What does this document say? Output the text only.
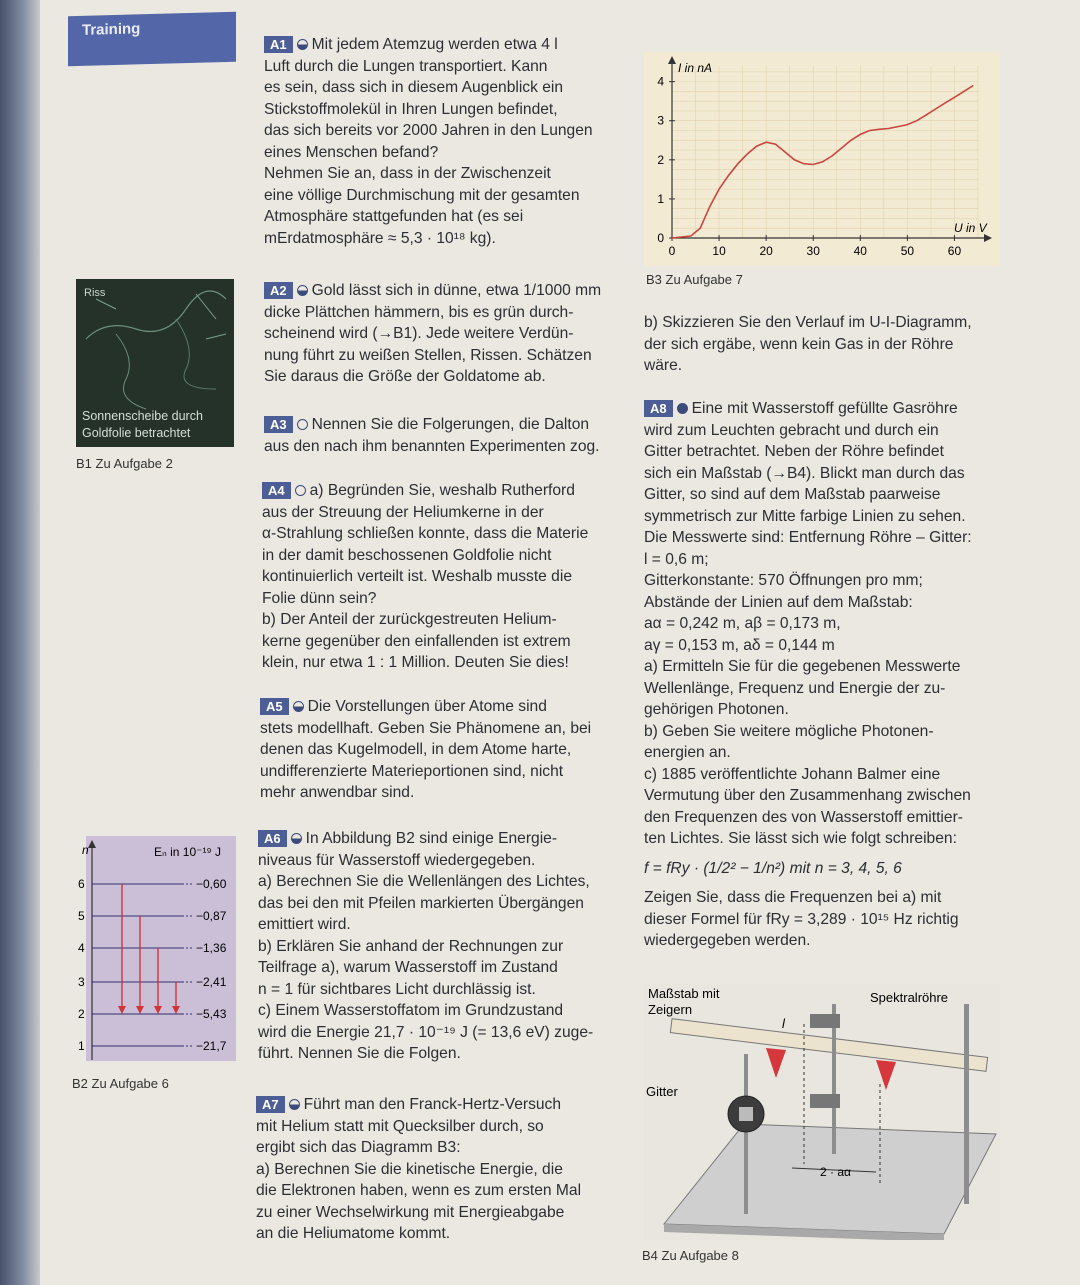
Training
A1 Mit jedem Atemzug werden etwa 4 l

Luft durch die Lungen transportiert. Kann

es sein, dass sich in diesem Augenblick ein

Stickstoffmolekül in Ihren Lungen befindet,

das sich bereits vor 2000 Jahren in den Lungen

eines Menschen befand?

Nehmen Sie an, dass in der Zwischenzeit

eine völlige Durchmischung mit der gesamten

Atmosphäre stattgefunden hat (es sei

mErdatmosphäre ≈ 5,3 · 10¹⁸ kg).

Riss
Sonnenscheibe durch
Goldfolie betrachtet
B1 Zu Aufgabe 2
A2 Gold lässt sich in dünne, etwa 1/1000 mm

dicke Plättchen hämmern, bis es grün durch-

scheinend wird (→B1). Jede weitere Verdün-

nung führt zu weißen Stellen, Rissen. Schätzen

Sie daraus die Größe der Goldatome ab.

A3 Nennen Sie die Folgerungen, die Dalton

aus den nach ihm benannten Experimenten zog.

A4 a) Begründen Sie, weshalb Rutherford

aus der Streuung der Heliumkerne in der

α-Strahlung schließen konnte, dass die Materie

in der damit beschossenen Goldfolie nicht

kontinuierlich verteilt ist. Weshalb musste die

Folie dünn sein?

b) Der Anteil der zurückgestreuten Helium-

kerne gegenüber den einfallenden ist extrem

klein, nur etwa 1 : 1 Million. Deuten Sie dies!

A5 Die Vorstellungen über Atome sind

stets modellhaft. Geben Sie Phänomene an, bei

denen das Kugelmodell, in dem Atome harte,

undifferenzierte Materieportionen sind, nicht

mehr anwendbar sind.

n	Eₙ in 10⁻¹⁹ J
6	−0,60
5	−0,87
4	−1,36
3	−2,41
2	−5,43
1	−21,7
B2 Zu Aufgabe 6
A6 In Abbildung B2 sind einige Energie-

niveaus für Wasserstoff wiedergegeben.

a) Berechnen Sie die Wellenlängen des Lichtes,

das bei den mit Pfeilen markierten Übergängen

emittiert wird.

b) Erklären Sie anhand der Rechnungen zur

Teilfrage a), warum Wasserstoff im Zustand

n = 1 für sichtbares Licht durchlässig ist.

c) Einem Wasserstoffatom im Grundzustand

wird die Energie 21,7 · 10⁻¹⁹ J (= 13,6 eV) zuge-

führt. Nennen Sie die Folgen.

A7 Führt man den Franck-Hertz-Versuch

mit Helium statt mit Quecksilber durch, so

ergibt sich das Diagramm B3:

a) Berechnen Sie die kinetische Energie, die

die Elektronen haben, wenn es zum ersten Mal

zu einer Wechselwirkung mit Energieabgabe

an die Heliumatome kommt.

0	10	20	30	40	50	60
0
1
2
3
4
U in V
I in nA
B3 Zu Aufgabe 7

b) Skizzieren Sie den Verlauf im U-I-Diagramm,

der sich ergäbe, wenn kein Gas in der Röhre

wäre.

A8 Eine mit Wasserstoff gefüllte Gasröhre

wird zum Leuchten gebracht und durch ein

Gitter betrachtet. Neben der Röhre befindet

sich ein Maßstab (→B4). Blickt man durch das

Gitter, so sind auf dem Maßstab paarweise

symmetrisch zur Mitte farbige Linien zu sehen.

Die Messwerte sind: Entfernung Röhre – Gitter:

l = 0,6 m;

Gitterkonstante: 570 Öffnungen pro mm;

Abstände der Linien auf dem Maßstab:

aα = 0,242 m, aβ = 0,173 m,

aγ = 0,153 m, aδ = 0,144 m

a) Ermitteln Sie für die gegebenen Messwerte

Wellenlänge, Frequenz und Energie der zu-

gehörigen Photonen.

b) Geben Sie weitere mögliche Photonen-

energien an.

c) 1885 veröffentlichte Johann Balmer eine

Vermutung über den Zusammenhang zwischen

den Frequenzen des von Wasserstoff emittier-

ten Lichtes. Sie lässt sich wie folgt schreiben:

f = fRy · (1/2² − 1/n²) mit n = 3, 4, 5, 6

Zeigen Sie, dass die Frequenzen bei a) mit

dieser Formel für fRy = 3,289 · 10¹⁵ Hz richtig

wiedergegeben werden.

2 · aα
l
Maßstab mit
Zeigern
Spektralröhre
Gitter
B4 Zu Aufgabe 8
